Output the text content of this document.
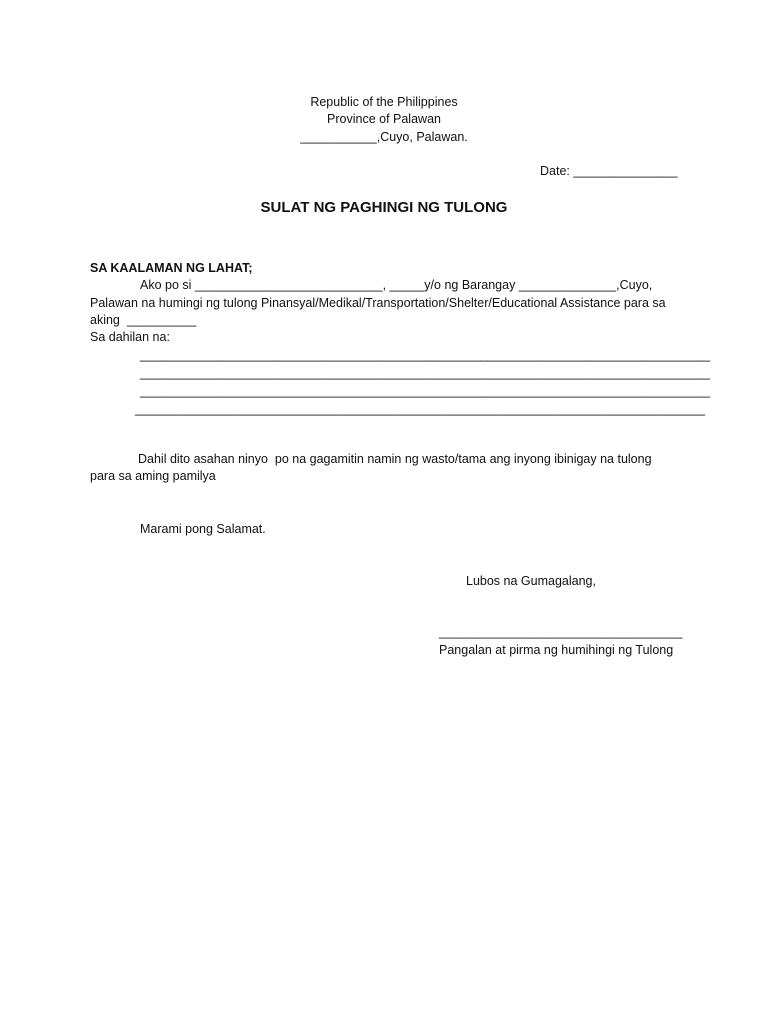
Republic of the Philippines
Province of Palawan
___________,Cuyo, Palawan.
Date: _______________
SULAT NG PAGHINGI NG TULONG
SA KAALAMAN NG LAHAT;
Ako po si ___________________________, _____y/o ng Barangay ______________,Cuyo,
Palawan na humingi ng tulong Pinansyal/Medikal/Transportation/Shelter/Educational Assistance para sa
aking  __________
Sa dahilan na:
__________________________________________________________________________________
__________________________________________________________________________________
__________________________________________________________________________________
__________________________________________________________________________________
Dahil dito asahan ninyo  po na gagamitin namin ng wasto/tama ang inyong ibinigay na tulong
para sa aming pamilya
Marami pong Salamat.
Lubos na Gumagalang,
___________________________________
Pangalan at pirma ng humihingi ng Tulong
